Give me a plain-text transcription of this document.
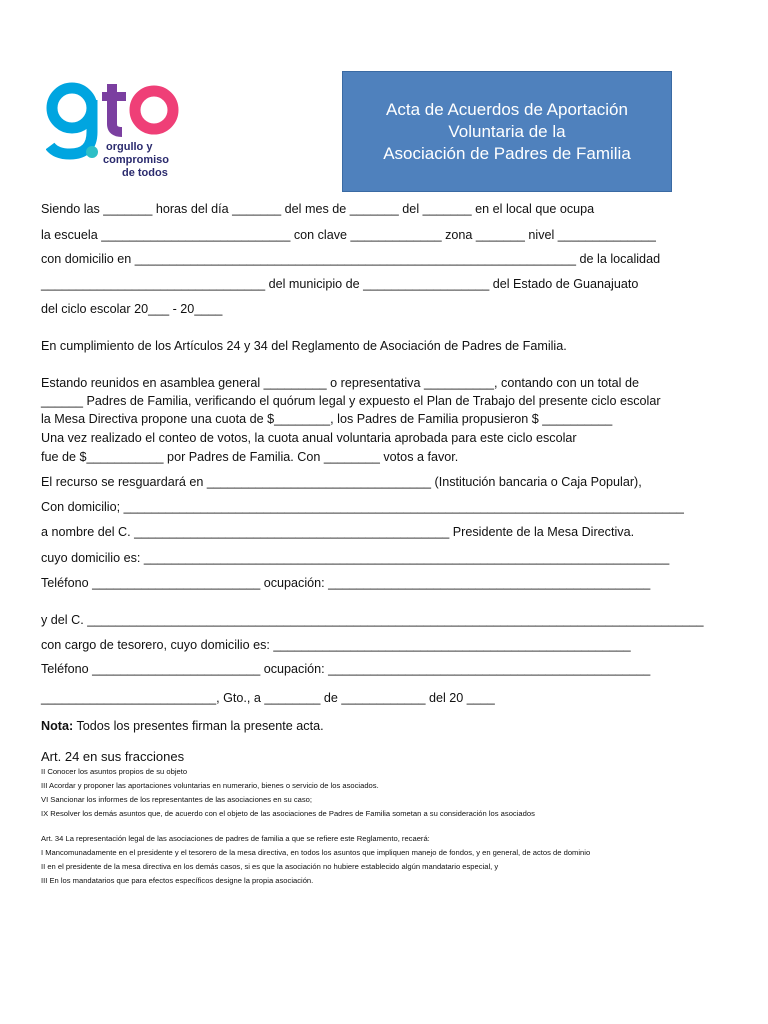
orgullo y
compromiso
de todos
Acta de Acuerdos de Aportación
Voluntaria de la
Asociación de Padres de Familia
Siendo las _______ horas del día _______ del mes de _______ del _______ en el local que ocupa
la escuela ___________________________ con clave _____________ zona _______ nivel ______________
con domicilio en _______________________________________________________________ de la localidad
________________________________ del municipio de __________________ del Estado de Guanajuato
del ciclo escolar 20___ - 20____
En cumplimiento de los Artículos 24 y 34 del Reglamento de Asociación de Padres de Familia.
Estando reunidos en asamblea general _________ o representativa __________, contando con un total de
______ Padres de Familia, verificando el quórum legal y expuesto el Plan de Trabajo del presente ciclo escolar
la Mesa Directiva propone una cuota de $________, los Padres de Familia propusieron $ __________
Una vez realizado el conteo de votos, la cuota anual voluntaria aprobada para este ciclo escolar
fue de $___________ por Padres de Familia. Con ________ votos a favor.
El recurso se resguardará en ________________________________ (Institución bancaria o Caja Popular),
Con domicilio; ________________________________________________________________________________
a nombre del C. _____________________________________________ Presidente de la Mesa Directiva.
cuyo domicilio es: ___________________________________________________________________________
Teléfono ________________________ ocupación: ______________________________________________
y del C. ________________________________________________________________________________________
con cargo de tesorero, cuyo domicilio es: ___________________________________________________
Teléfono ________________________ ocupación: ______________________________________________
_________________________, Gto., a ________ de ____________ del 20 ____
Nota: Todos los presentes firman la presente acta.
Art. 24 en sus fracciones
II Conocer los asuntos propios de su objeto
III Acordar y proponer las aportaciones voluntarias en numerario, bienes o servicio de los asociados.
VI Sancionar los informes de los representantes de las asociaciones en su caso;
IX Resolver los demás asuntos que, de acuerdo con el objeto de las asociaciones de Padres de Familia sometan a su consideración los asociados
Art. 34 La representación legal de las asociaciones de padres de familia a que se refiere este Reglamento, recaerá:
I Mancomunadamente en el presidente y el tesorero de la mesa directiva, en todos los asuntos que impliquen manejo de fondos, y en general, de actos de dominio
II en el presidente de la mesa directiva en los demás casos, si es que la asociación no hubiere establecido algún mandatario especial, y
III En los mandatarios que para efectos específicos designe la propia asociación.
